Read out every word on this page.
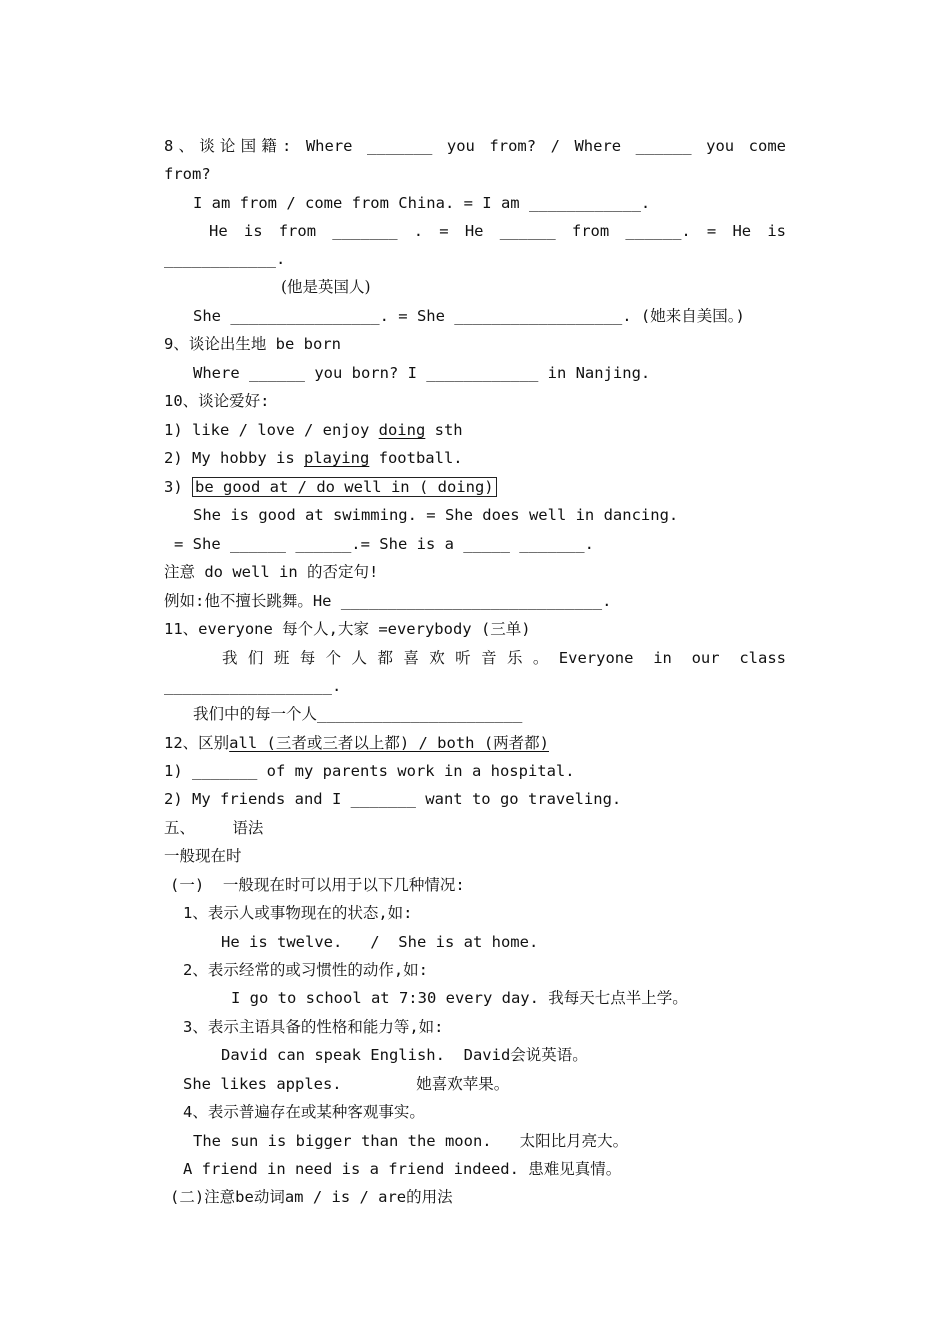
8、谈论国籍: Where _______ you from? / Where ______ you come
from?
I am from / come from China. = I am ____________.
He is from _______ . = He ______ from ______. = He is
____________.
(他是英国人)
She ________________. = She __________________. (她来自美国。)
9、谈论出生地 be born
Where ______ you born? I ____________ in Nanjing.
10、谈论爱好:
1) like / love / enjoy doing sth
2) My hobby is playing football.
3) be good at / do well in ( doing)
She is good at swimming. = She does well in dancing.
= She ______ ______.= She is a _____ _______.
注意 do well in 的否定句!
例如:他不擅长跳舞。He ____________________________.
11、everyone 每个人,大家 =everybody (三单)
我们班每个人都喜欢听音乐。Everyone in our class
__________________.
我们中的每一个人______________________
12、区别all (三者或三者以上都) / both (两者都)
1) _______ of my parents work in a hospital.
2) My friends and I _______ want to go traveling.
五、    语法
一般现在时
(一)  一般现在时可以用于以下几种情况:
1、表示人或事物现在的状态,如:
He is twelve.   /  She is at home.
2、表示经常的或习惯性的动作,如:
I go to school at 7:30 every day. 我每天七点半上学。
3、表示主语具备的性格和能力等,如:
David can speak English.  David会说英语。
She likes apples.        她喜欢苹果。
4、表示普遍存在或某种客观事实。
The sun is bigger than the moon.   太阳比月亮大。
A friend in need is a friend indeed. 患难见真情。
(二)注意be动词am / is / are的用法
